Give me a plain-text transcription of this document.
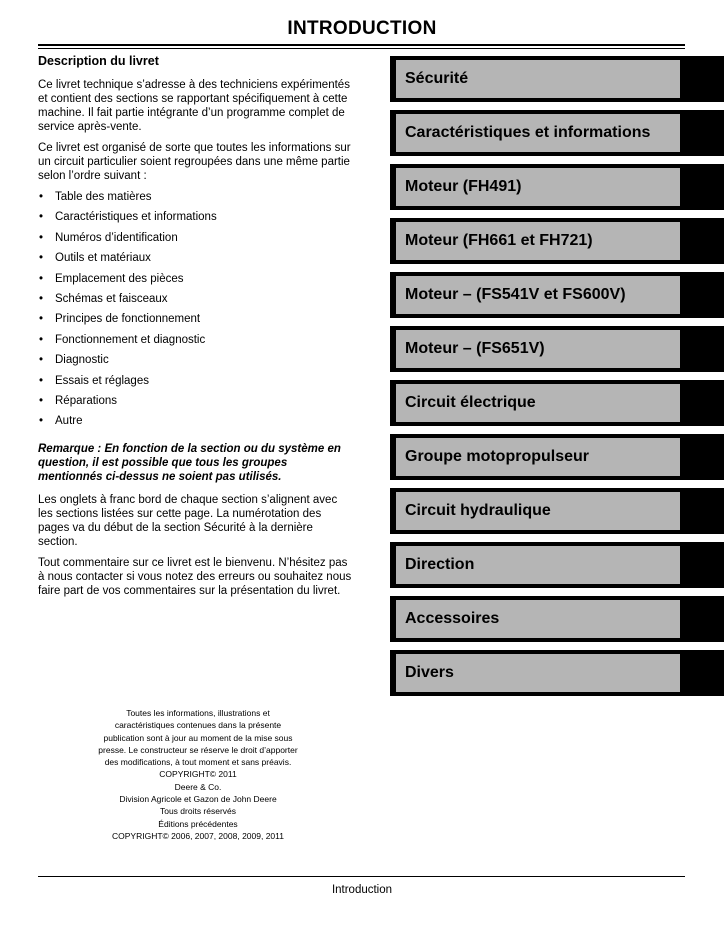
INTRODUCTION
Description du livret

Ce livret technique s’adresse à des techniciens expérimentés et contient des sections se rapportant spécifiquement à cette machine. Il fait partie intégrante d’un programme complet de service après-vente.

Ce livret est organisé de sorte que toutes les informations sur un circuit particulier soient regroupées dans une même partie selon l’ordre suivant :

• Table des matières
• Caractéristiques et informations
• Numéros d’identification
• Outils et matériaux
• Emplacement des pièces
• Schémas et faisceaux
• Principes de fonctionnement
• Fonctionnement et diagnostic
• Diagnostic
• Essais et réglages
• Réparations
• Autre

Remarque : En fonction de la section ou du système en question, il est possible que tous les groupes mentionnés ci-dessus ne soient pas utilisés.

Les onglets à franc bord de chaque section s’alignent avec les sections listées sur cette page. La numérotation des pages va du début de la section Sécurité à la dernière section.

Tout commentaire sur ce livret est le bienvenu. N’hésitez pas à nous contacter si vous notez des erreurs ou souhaitez nous faire part de vos commentaires sur la présentation du livret.

Sécurité
Caractéristiques et informations
Moteur (FH491)
Moteur (FH661 et FH721)
Moteur – (FS541V et FS600V)
Moteur – (FS651V)
Circuit électrique
Groupe motopropulseur
Circuit hydraulique
Direction
Accessoires
Divers
Toutes les informations, illustrations et
caractéristiques contenues dans la présente
publication sont à jour au moment de la mise sous
presse. Le constructeur se réserve le droit d’apporter
des modifications, à tout moment et sans préavis.
COPYRIGHT© 2011
Deere & Co.
Division Agricole et Gazon de John Deere
Tous droits réservés
Éditions précédentes
COPYRIGHT© 2006, 2007, 2008, 2009, 2011
Introduction
